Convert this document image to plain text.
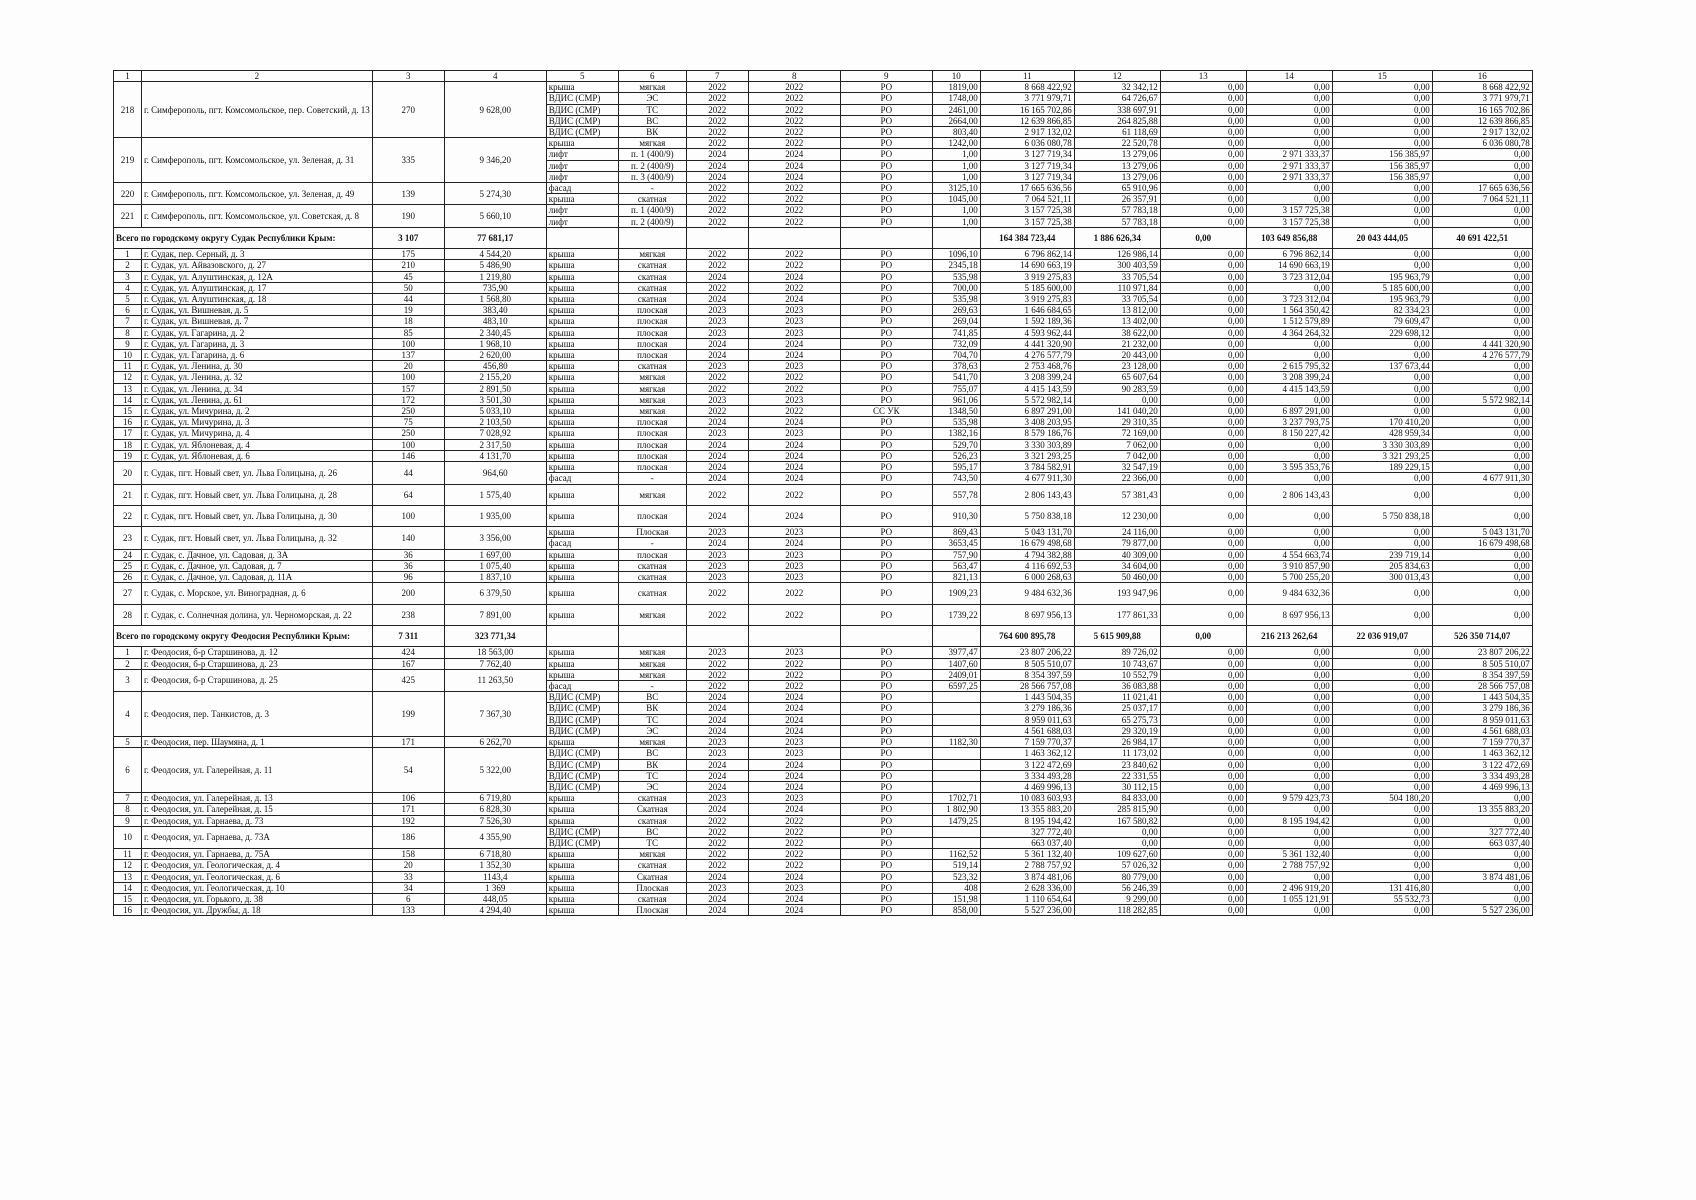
1	2	3	4	5	6	7	8	9	10	11	12	13	14	15	16
218	г. Симферополь, пгт. Комсомольское, пер. Советский, д. 13	270	9 628,00	крыша	мягкая	2022	2022	РО	1819,00	8 668 422,92	32 342,12	0,00	0,00	0,00	8 668 422,92
				ВДИС (СМР)	ЭС	2022	2022	РО	1748,00	3 771 979,71	64 726,67	0,00	0,00	0,00	3 771 979,71
				ВДИС (СМР)	ТС	2022	2022	РО	2461,00	16 165 702,86	338 697,91	0,00	0,00	0,00	16 165 702,86
				ВДИС (СМР)	ВС	2022	2022	РО	2664,00	12 639 866,85	264 825,88	0,00	0,00	0,00	12 639 866,85
				ВДИС (СМР)	ВК	2022	2022	РО	803,40	2 917 132,02	61 118,69	0,00	0,00	0,00	2 917 132,02
219	г. Симферополь, пгт. Комсомольское, ул. Зеленая, д. 31	335	9 346,20	крыша	мягкая	2022	2022	РО	1242,00	6 036 080,78	22 520,78	0,00	0,00	0,00	6 036 080,78
				лифт	п. 1 (400/9)	2024	2024	РО	1,00	3 127 719,34	13 279,06	0,00	2 971 333,37	156 385,97	0,00
				лифт	п. 2 (400/9)	2024	2024	РО	1,00	3 127 719,34	13 279,06	0,00	2 971 333,37	156 385,97	0,00
				лифт	п. 3 (400/9)	2024	2024	РО	1,00	3 127 719,34	13 279,06	0,00	2 971 333,37	156 385,97	0,00
220	г. Симферополь, пгт. Комсомольское, ул. Зеленая, д. 49	139	5 274,30	фасад	-	2022	2022	РО	3125,10	17 665 636,56	65 910,96	0,00	0,00	0,00	17 665 636,56
				крыша	скатная	2022	2022	РО	1045,00	7 064 521,11	26 357,91	0,00	0,00	0,00	7 064 521,11
221	г. Симферополь, пгт. Комсомольское, ул. Советская, д. 8	190	5 660,10	лифт	п. 1 (400/9)	2022	2022	РО	1,00	3 157 725,38	57 783,18	0,00	3 157 725,38	0,00	0,00
				лифт	п. 2 (400/9)	2022	2022	РО	1,00	3 157 725,38	57 783,18	0,00	3 157 725,38	0,00	0,00
Всего по городскому округу Судак Республики Крым:		3 107	77 681,17							164 384 723,44	1 886 626,34	0,00	103 649 856,88	20 043 444,05	40 691 422,51
1	г. Судак, пер. Серный, д. 3	175	4 544,20	крыша	мягкая	2022	2022	РО	1096,10	6 796 862,14	126 986,14	0,00	6 796 862,14	0,00	0,00
2	г. Судак, ул. Айвазовского, д. 27	210	5 486,90	крыша	скатная	2022	2022	РО	2345,18	14 690 663,19	300 403,59	0,00	14 690 663,19	0,00	0,00
3	г. Судак, ул. Алуштинская, д. 12А	45	1 219,80	крыша	скатная	2024	2024	РО	535,98	3 919 275,83	33 705,54	0,00	3 723 312,04	195 963,79	0,00
4	г. Судак, ул. Алуштинская, д. 17	50	735,90	крыша	скатная	2022	2022	РО	700,00	5 185 600,00	110 971,84	0,00	0,00	5 185 600,00	0,00
5	г. Судак, ул. Алуштинская, д. 18	44	1 568,80	крыша	скатная	2024	2024	РО	535,98	3 919 275,83	33 705,54	0,00	3 723 312,04	195 963,79	0,00
6	г. Судак, ул. Вишневая, д. 5	19	383,40	крыша	плоская	2023	2023	РО	269,63	1 646 684,65	13 812,00	0,00	1 564 350,42	82 334,23	0,00
7	г. Судак, ул. Вишневая, д. 7	18	483,10	крыша	плоская	2023	2023	РО	269,04	1 592 189,36	13 402,00	0,00	1 512 579,89	79 609,47	0,00
8	г. Судак, ул. Гагарина, д. 2	85	2 340,45	крыша	плоская	2023	2023	РО	741,85	4 593 962,44	38 622,00	0,00	4 364 264,32	229 698,12	0,00
9	г. Судак, ул. Гагарина, д. 3	100	1 968,10	крыша	плоская	2024	2024	РО	732,09	4 441 320,90	21 232,00	0,00	0,00	0,00	4 441 320,90
10	г. Судак, ул. Гагарина, д. 6	137	2 620,00	крыша	плоская	2024	2024	РО	704,70	4 276 577,79	20 443,00	0,00	0,00	0,00	4 276 577,79
11	г. Судак, ул. Ленина, д. 30	20	456,80	крыша	скатная	2023	2023	РО	378,63	2 753 468,76	23 128,00	0,00	2 615 795,32	137 673,44	0,00
12	г. Судак, ул. Ленина, д. 32	100	2 155,20	крыша	мягкая	2022	2022	РО	541,70	3 208 399,24	65 607,64	0,00	3 208 399,24	0,00	0,00
13	г. Судак, ул. Ленина, д. 34	157	2 891,50	крыша	мягкая	2022	2022	РО	755,07	4 415 143,59	90 283,59	0,00	4 415 143,59	0,00	0,00
14	г. Судак, ул. Ленина, д. 61	172	3 501,30	крыша	мягкая	2023	2023	РО	961,06	5 572 982,14	0,00	0,00	0,00	0,00	5 572 982,14
15	г. Судак, ул. Мичурина, д. 2	250	5 033,10	крыша	мягкая	2022	2022	СС УК	1348,50	6 897 291,00	141 040,20	0,00	6 897 291,00	0,00	0,00
16	г. Судак, ул. Мичурина, д. 3	75	2 103,50	крыша	плоская	2024	2024	РО	535,98	3 408 203,95	29 310,35	0,00	3 237 793,75	170 410,20	0,00
17	г. Судак, ул. Мичурина, д. 4	250	7 028,92	крыша	плоская	2023	2023	РО	1382,16	8 579 186,76	72 169,00	0,00	8 150 227,42	428 959,34	0,00
18	г. Судак, ул. Яблоневая, д. 4	100	2 317,50	крыша	плоская	2024	2024	РО	529,70	3 330 303,89	7 062,00	0,00	0,00	3 330 303,89	0,00
19	г. Судак, ул. Яблоневая, д. 6	146	4 131,70	крыша	плоская	2024	2024	РО	526,23	3 321 293,25	7 042,00	0,00	0,00	3 321 293,25	0,00
20	г. Судак, пгт. Новый свет, ул. Льва Голицына, д. 26	44	964,60	крыша	плоская	2024	2024	РО	595,17	3 784 582,91	32 547,19	0,00	3 595 353,76	189 229,15	0,00
				фасад	-	2024	2024	РО	743,50	4 677 911,30	22 366,00	0,00	0,00	0,00	4 677 911,30
21	г. Судак, пгт. Новый свет, ул. Льва Голицына, д. 28	64	1 575,40	крыша	мягкая	2022	2022	РО	557,78	2 806 143,43	57 381,43	0,00	2 806 143,43	0,00	0,00
22	г. Судак, пгт. Новый свет, ул. Льва Голицына, д. 30	100	1 935,00	крыша	плоская	2024	2024	РО	910,30	5 750 838,18	12 230,00	0,00	0,00	5 750 838,18	0,00
23	г. Судак, пгт. Новый свет, ул. Льва Голицына, д. 32	140	3 356,00	крыша	Плоская	2023	2023	РО	869,43	5 043 131,70	24 116,00	0,00	0,00	0,00	5 043 131,70
				фасад	-	2024	2024	РО	3653,45	16 679 498,68	79 877,00	0,00	0,00	0,00	16 679 498,68
24	г. Судак, с. Дачное, ул. Садовая, д. 3А	36	1 697,00	крыша	плоская	2023	2023	РО	757,90	4 794 382,88	40 309,00	0,00	4 554 663,74	239 719,14	0,00
25	г. Судак, с. Дачное, ул. Садовая, д. 7	36	1 075,40	крыша	скатная	2023	2023	РО	563,47	4 116 692,53	34 604,00	0,00	3 910 857,90	205 834,63	0,00
26	г. Судак, с. Дачное, ул. Садовая, д. 11А	96	1 837,10	крыша	скатная	2023	2023	РО	821,13	6 000 268,63	50 460,00	0,00	5 700 255,20	300 013,43	0,00
27	г. Судак, с. Морское, ул. Виноградная, д. 6	200	6 379,50	крыша	скатная	2022	2022	РО	1909,23	9 484 632,36	193 947,96	0,00	9 484 632,36	0,00	0,00
28	г. Судак, с. Солнечная долина, ул. Черноморская, д. 22	238	7 891,00	крыша	мягкая	2022	2022	РО	1739,22	8 697 956,13	177 861,33	0,00	8 697 956,13	0,00	0,00
Всего по городскому округу Феодосия Республики Крым:		7 311	323 771,34							764 600 895,78	5 615 909,88	0,00	216 213 262,64	22 036 919,07	526 350 714,07
1	г. Феодосия, б-р Старшинова, д. 12	424	18 563,00	крыша	мягкая	2023	2023	РО	3977,47	23 807 206,22	89 726,02	0,00	0,00	0,00	23 807 206,22
2	г. Феодосия, б-р Старшинова, д. 23	167	7 762,40	крыша	мягкая	2022	2022	РО	1407,60	8 505 510,07	10 743,67	0,00	0,00	0,00	8 505 510,07
3	г. Феодосия, б-р Старшинова, д. 25	425	11 263,50	крыша	мягкая	2022	2022	РО	2409,01	8 354 397,59	10 552,79	0,00	0,00	0,00	8 354 397,59
				фасад	-	2022	2022	РО	6597,25	28 566 757,08	36 083,88	0,00	0,00	0,00	28 566 757,08
4	г. Феодосия, пер. Танкистов, д. 3	199	7 367,30	ВДИС (СМР)	ВС	2024	2024	РО		1 443 504,35	11 021,41	0,00	0,00	0,00	1 443 504,35
				ВДИС (СМР)	ВК	2024	2024	РО		3 279 186,36	25 037,17	0,00	0,00	0,00	3 279 186,36
				ВДИС (СМР)	ТС	2024	2024	РО		8 959 011,63	65 275,73	0,00	0,00	0,00	8 959 011,63
				ВДИС (СМР)	ЭС	2024	2024	РО		4 561 688,03	29 320,19	0,00	0,00	0,00	4 561 688,03
5	г. Феодосия, пер. Шаумяна, д. 1	171	6 262,70	крыша	мягкая	2023	2023	РО	1182,30	7 159 770,37	26 984,17	0,00	0,00	0,00	7 159 770,37
6	г. Феодосия, ул. Галерейная, д. 11	54	5 322,00	ВДИС (СМР)	ВС	2023	2023	РО		1 463 362,12	11 173,02	0,00	0,00	0,00	1 463 362,12
				ВДИС (СМР)	ВК	2024	2024	РО		3 122 472,69	23 840,62	0,00	0,00	0,00	3 122 472,69
				ВДИС (СМР)	ТС	2024	2024	РО		3 334 493,28	22 331,55	0,00	0,00	0,00	3 334 493,28
				ВДИС (СМР)	ЭС	2024	2024	РО		4 469 996,13	30 112,15	0,00	0,00	0,00	4 469 996,13
7	г. Феодосия, ул. Галерейная, д. 13	106	6 719,80	крыша	скатная	2023	2023	РО	1702,71	10 083 603,93	84 833,00	0,00	9 579 423,73	504 180,20	0,00
8	г. Феодосия, ул. Галерейная, д. 15	171	6 828,30	крыша	Скатная	2024	2024	РО	1 802,90	13 355 883,20	285 815,90	0,00	0,00	0,00	13 355 883,20
9	г. Феодосия, ул. Гарнаева, д. 73	192	7 526,30	крыша	скатная	2022	2022	РО	1479,25	8 195 194,42	167 580,82	0,00	8 195 194,42	0,00	0,00
10	г. Феодосия, ул. Гарнаева, д. 73А	186	4 355,90	ВДИС (СМР)	ВС	2022	2022	РО		327 772,40	0,00	0,00	0,00	0,00	327 772,40
				ВДИС (СМР)	ТС	2022	2022	РО		663 037,40	0,00	0,00	0,00	0,00	663 037,40
11	г. Феодосия, ул. Гарнаева, д. 75А	158	6 718,80	крыша	мягкая	2022	2022	РО	1162,52	5 361 132,40	109 627,60	0,00	5 361 132,40	0,00	0,00
12	г. Феодосия, ул. Геологическая, д. 4	20	1 352,30	крыша	скатная	2022	2022	РО	519,14	2 788 757,92	57 026,32	0,00	2 788 757,92	0,00	0,00
13	г. Феодосия, ул. Геологическая, д. 6	33	1143,4	крыша	Скатная	2024	2024	РО	523,32	3 874 481,06	80 779,00	0,00	0,00	0,00	3 874 481,06
14	г. Феодосия, ул. Геологическая, д. 10	34	1 369	крыша	Плоская	2023	2023	РО	408	2 628 336,00	56 246,39	0,00	2 496 919,20	131 416,80	0,00
15	г. Феодосия, ул. Горького, д. 38	6	448,05	крыша	скатная	2024	2024	РО	151,98	1 110 654,64	9 299,00	0,00	1 055 121,91	55 532,73	0,00
16	г. Феодосия, ул. Дружбы, д. 18	133	4 294,40	крыша	Плоская	2024	2024	РО	858,00	5 527 236,00	118 282,85	0,00	0,00	0,00	5 527 236,00
